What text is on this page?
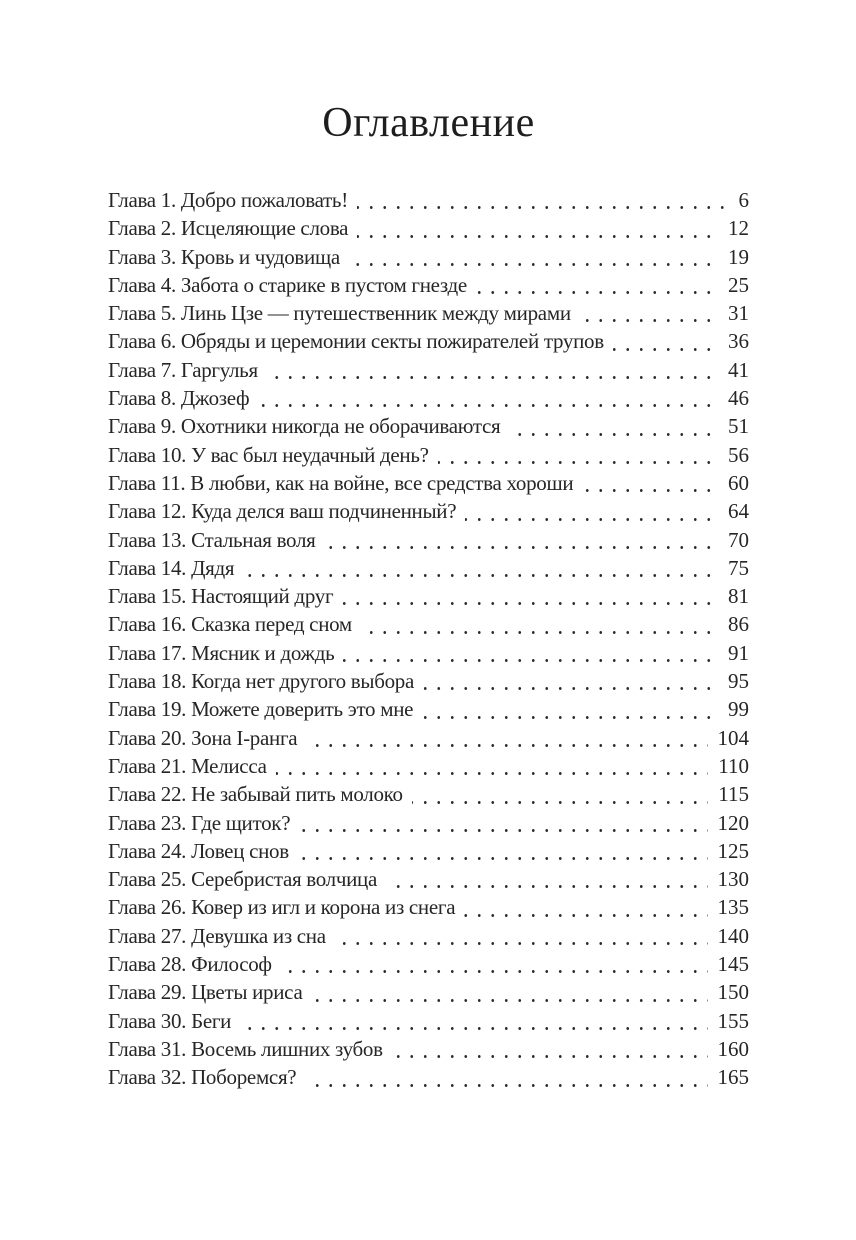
Оглавление
Глава 1. Добро пожаловать!	6
Глава 2. Исцеляющие слова	12
Глава 3. Кровь и чудовища	19
Глава 4. Забота о старике в пустом гнезде	25
Глава 5. Линь Цзе — путешественник между мирами	31
Глава 6. Обряды и церемонии секты пожирателей трупов	36
Глава 7. Гаргулья	41
Глава 8. Джозеф	46
Глава 9. Охотники никогда не оборачиваются	51
Глава 10. У вас был неудачный день?	56
Глава 11. В любви, как на войне, все средства хороши	60
Глава 12. Куда делся ваш подчиненный?	64
Глава 13. Стальная воля	70
Глава 14. Дядя	75
Глава 15. Настоящий друг	81
Глава 16. Сказка перед сном	86
Глава 17. Мясник и дождь	91
Глава 18. Когда нет другого выбора	95
Глава 19. Можете доверить это мне	99
Глава 20. Зона I-ранга	104
Глава 21. Мелисса	110
Глава 22. Не забывай пить молоко	115
Глава 23. Где щиток?	120
Глава 24. Ловец снов	125
Глава 25. Серебристая волчица	130
Глава 26. Ковер из игл и корона из снега	135
Глава 27. Девушка из сна	140
Глава 28. Философ	145
Глава 29. Цветы ириса	150
Глава 30. Беги	155
Глава 31. Восемь лишних зубов	160
Глава 32. Поборемся?	165
